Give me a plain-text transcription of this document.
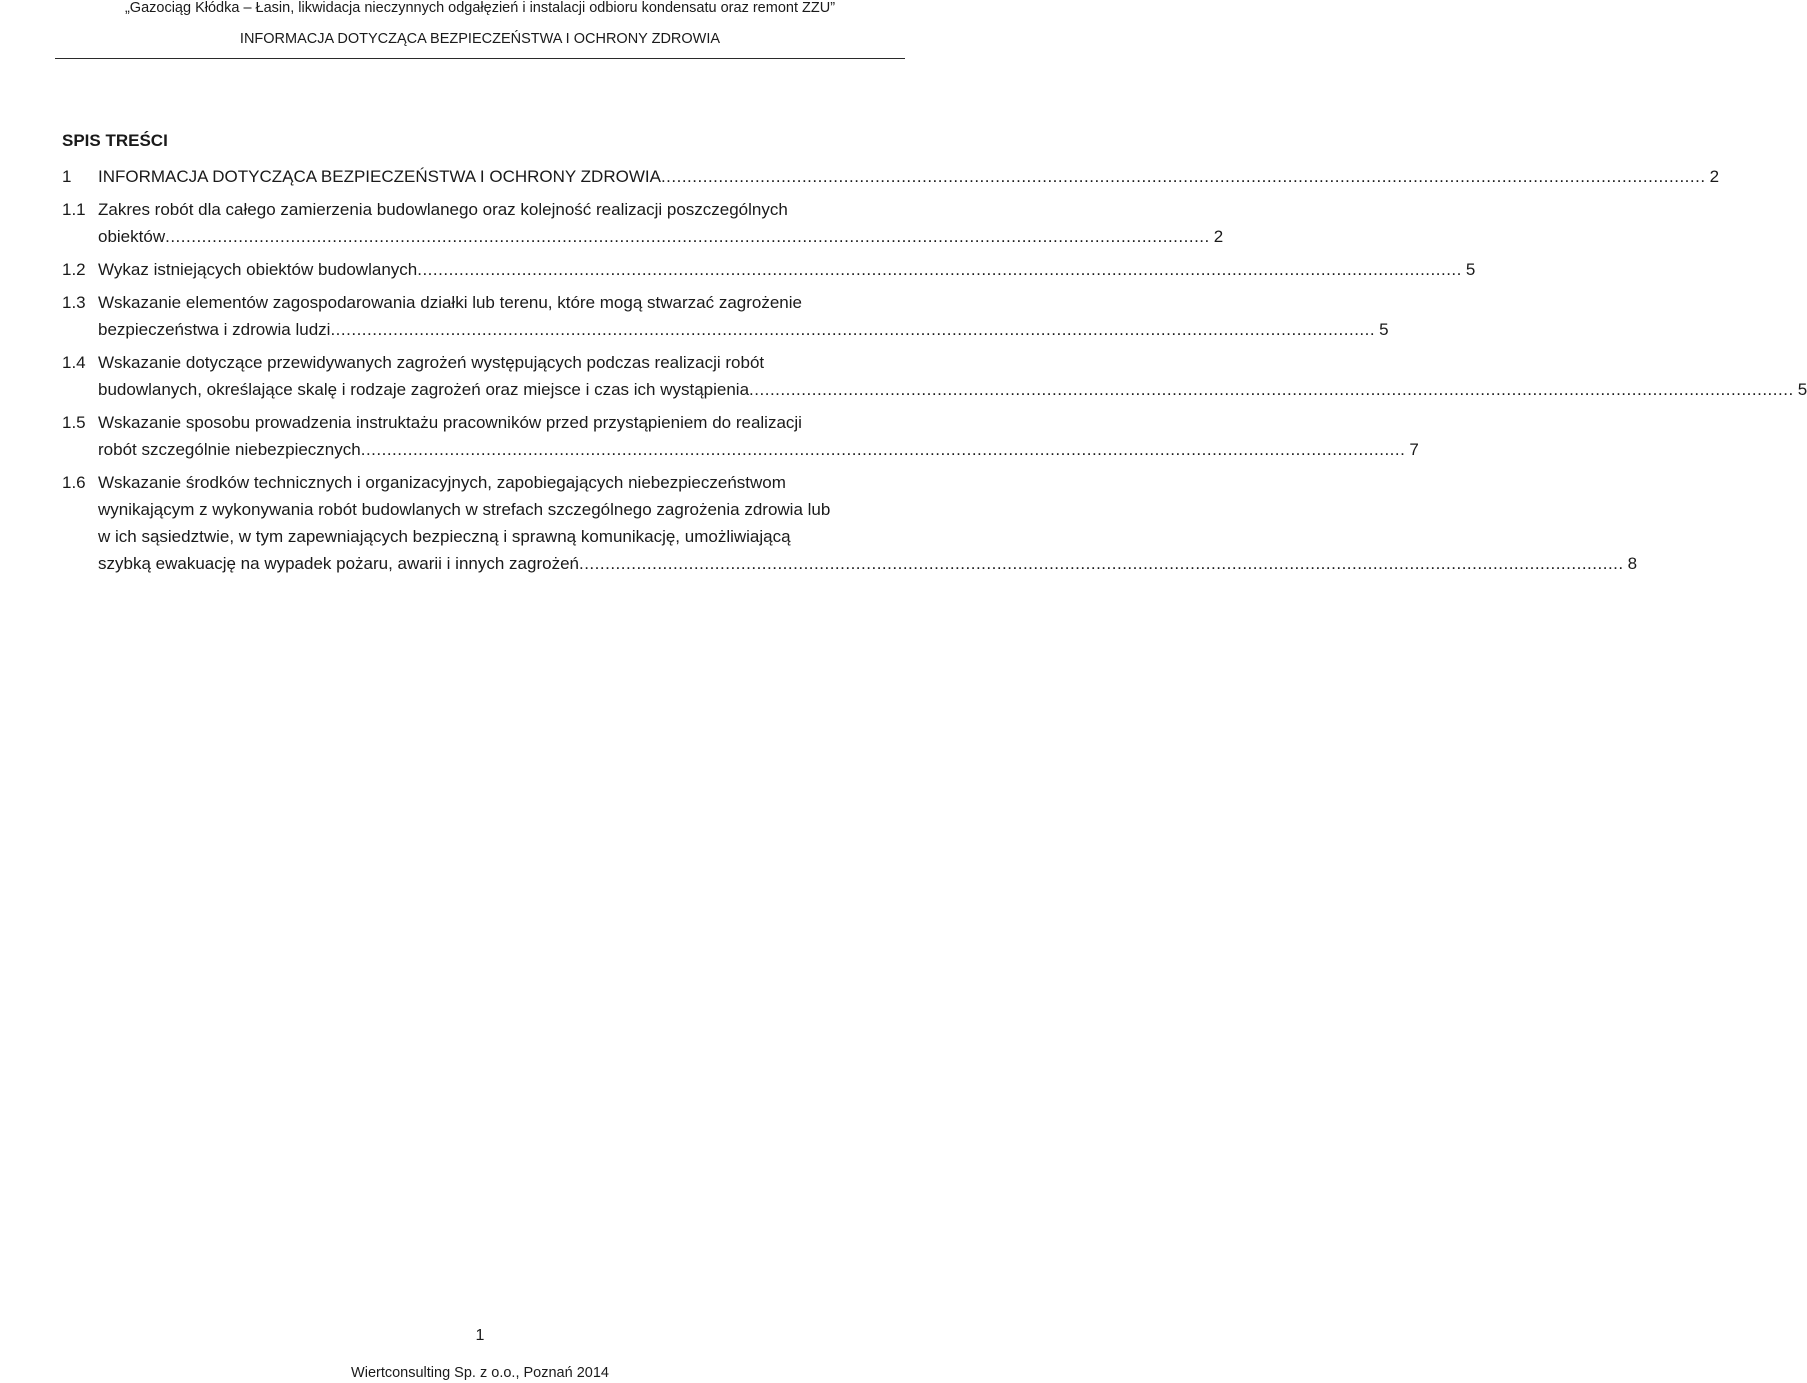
„Gazociąg Kłódka – Łasin, likwidacja nieczynnych odgałęzień i instalacji odbioru kondensatu oraz remont ZZU”
INFORMACJA DOTYCZĄCA BEZPIECZEŃSTWA I OCHRONY ZDROWIA
SPIS TREŚCI
1 INFORMACJA DOTYCZĄCA BEZPIECZEŃSTWA I OCHRONY ZDROWIA ........................................................................................................................................................................................................ 2
1.1 Zakres robót dla całego zamierzenia budowlanego oraz kolejność realizacji poszczególnych
obiektów ........................................................................................................................................................................................................ 2
1.2 Wykaz istniejących obiektów budowlanych ........................................................................................................................................................................................................ 5
1.3 Wskazanie elementów zagospodarowania działki lub terenu, które mogą stwarzać zagrożenie
bezpieczeństwa i zdrowia ludzi ........................................................................................................................................................................................................ 5
1.4 Wskazanie dotyczące przewidywanych zagrożeń występujących podczas realizacji robót
budowlanych, określające skalę i rodzaje zagrożeń oraz miejsce i czas ich wystąpienia ........................................................................................................................................................................................................ 5
1.5 Wskazanie sposobu prowadzenia instruktażu pracowników przed przystąpieniem do realizacji
robót szczególnie niebezpiecznych ........................................................................................................................................................................................................ 7
1.6 Wskazanie środków technicznych i organizacyjnych, zapobiegających niebezpieczeństwom
wynikającym z wykonywania robót budowlanych w strefach szczególnego zagrożenia zdrowia lub
w ich sąsiedztwie, w tym zapewniających bezpieczną i sprawną komunikację, umożliwiającą
szybką ewakuację na wypadek pożaru, awarii i innych zagrożeń ........................................................................................................................................................................................................ 8
1
Wiertconsulting Sp. z o.o., Poznań 2014
